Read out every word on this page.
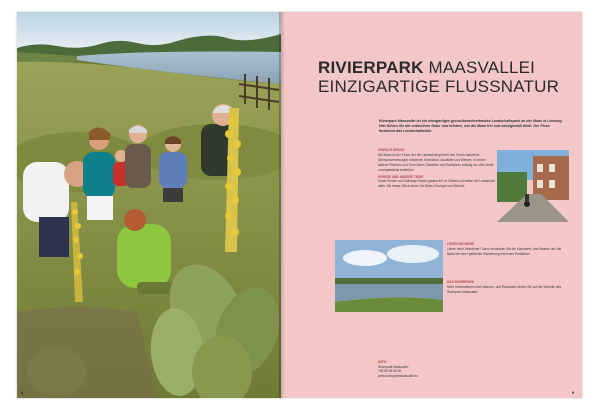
8
RIVIERPARK MAASVALLEI
EINZIGARTIGE FLUSSNATUR
Rivierpark Maasvallei ist ein einzigartiges grenzüberschreitendes Landschaftspark an der Maas in Limburg. Hier fühlen Sie die unberührte Natur und erleben, wie die Maas frei und naturgemäß fließt. Der Fluss bestimmt das Landschaftsbild.
EINFACH GROSS

Die Maas ist der Fluss, der die Landschaft geformt hat. Durch natürliche Überschwemmungen entstehen Kiesbänke, Auwälder und Wiesen, in denen seltene Pflanzen und Tiere leben. Wandern und Radfahren entlang der Ufer bietet unvergessliche Ausblicke.

PFERDE UND ANDERE TIERE

Konik-Pferde und Galloway-Rinder grasen frei im Gebiet und halten die Landschaft offen. Mit etwas Glück sehen Sie Biber, Eisvögel und Störche.

LESEN SIE MEHR

Lieber mehr Abenteuer? Dann entdecken Sie die Kiesinseln, das Wasser und die Natur bei einer geführten Wanderung mit einem Parkführer.

DAS RIVIERPARK

Mehr Informationen über Wander- und Radrouten finden Sie auf der Website des Rivierpark Maasvallei.

INFO
Rivierpark Maasvallei
+32 89 65 65 65
www.rivierparkmaasvallei.eu
9
